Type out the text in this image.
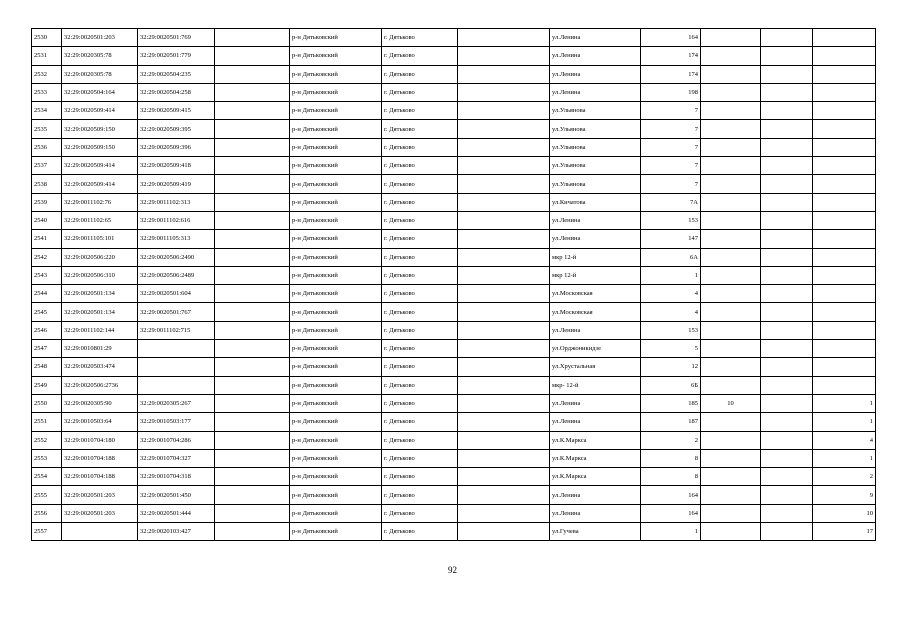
2530	32:29:0020501:203	32:29:0020501:769		р-н Дятьковский	г. Дятьково		ул.Ленина	164			
2531	32:29:0020305:78	32:29:0020501:779		р-н Дятьковский	г. Дятьково		ул.Ленина	174			
2532	32:29:0020305:78	32:29:0020504:235		р-н Дятьковский	г. Дятьково		ул.Ленина	174			
2533	32:29:0020504:164	32:29:0020504:258		р-н Дятьковский	г. Дятьково		ул.Ленина	198			
2534	32:29:0020509:414	32:29:0020509:415		р-н Дятьковский	г. Дятьково		ул.Ульянова	7			
2535	32:29:0020509:150	32:29:0020509:395		р-н Дятьковский	г. Дятьково		ул.Ульянова	7			
2536	32:29:0020509:150	32:29:0020509:396		р-н Дятьковский	г. Дятьково		ул.Ульянова	7			
2537	32:29:0020509:414	32:29:0020509:418		р-н Дятьковский	г. Дятьково		ул.Ульянова	7			
2538	32:29:0020509:414	32:29:0020509:419		р-н Дятьковский	г. Дятьково		ул.Ульянова	7			
2539	32:29:0011102:76	32:29:0011102:313		р-н Дятьковский	г. Дятьково		ул.Кичатова	7А			
2540	32:29:0011102:65	32:29:0011102:616		р-н Дятьковский	г. Дятьково		ул.Ленина	153			
2541	32:29:0011105:101	32:29:0011105:313		р-н Дятьковский	г. Дятьково		ул.Ленина	147			
2542	32:29:0020506:220	32:29:0020506:2490		р-н Дятьковский	г. Дятьково		мкр 12-й	6А			
2543	32:29:0020506:310	32:29:0020506:2489		р-н Дятьковский	г. Дятьково		мкр 12-й	1			
2544	32:29:0020501:134	32:29:0020501:604		р-н Дятьковский	г. Дятьково		ул.Московская	4			
2545	32:29:0020501:134	32:29:0020501:767		р-н Дятьковский	г. Дятьково		ул.Московская	4			
2546	32:29:0011102:144	32:29:0011102:715		р-н Дятьковский	г. Дятьково		ул.Ленина	153			
2547	32:29:0010801:29			р-н Дятьковский	г. Дятьково		ул.Орджоникидзе	5			
2548	32:29:0020503:474			р-н Дятьковский	г. Дятьково		ул.Хрустальная	12			
2549	32:29:0020506:2736			р-н Дятьковский	г. Дятьково		мкр- 12-й	6Б			
2550	32:29:0020305:90	32:29:0020305:267		р-н Дятьковский	г. Дятьково		ул.Ленина	185	10		1
2551	32:29:0010503:64	32:29:0010503:177		р-н Дятьковский	г. Дятьково		ул.Ленина	187			1
2552	32:29:0010704:180	32:29:0010704:286		р-н Дятьковский	г. Дятьково		ул.К.Маркса	2			4
2553	32:29:0010704:188	32:29:0010704:327		р-н Дятьковский	г. Дятьково		ул.К.Маркса	8			1
2554	32:29:0010704:188	32:29:0010704:318		р-н Дятьковский	г. Дятьково		ул.К.Маркса	8			2
2555	32:29:0020501:203	32:29:0020501:450		р-н Дятьковский	г. Дятьково		ул.Ленина	164			9
2556	32:29:0020501:203	32:29:0020501:444		р-н Дятьковский	г. Дятьково		ул.Ленина	164			10
2557		32:29:0020103:427		р-н Дятьковский	г. Дятьково		ул.Гучева	1			17
92
